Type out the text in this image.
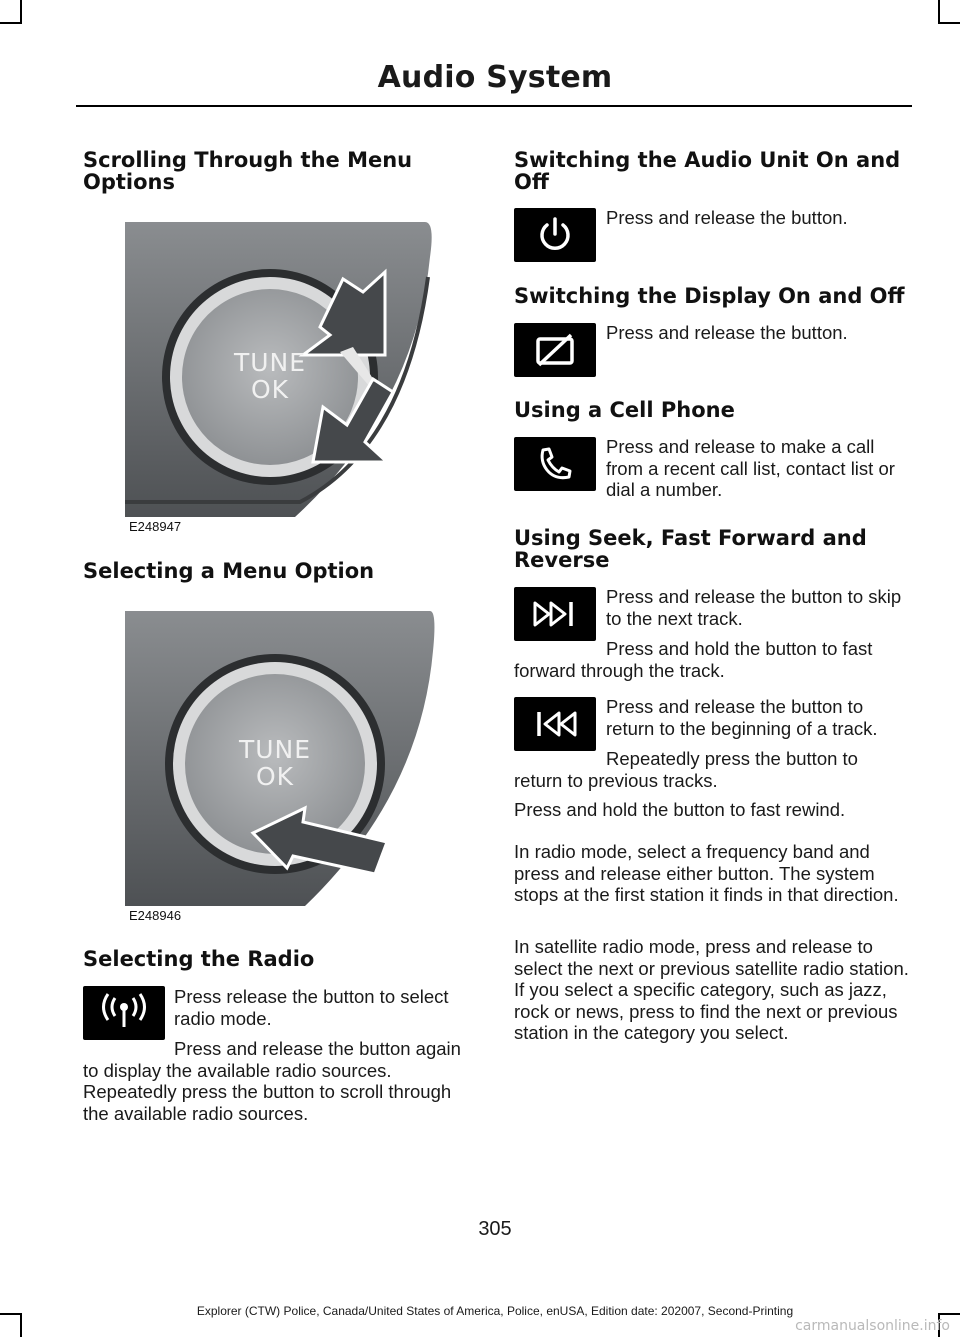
Audio System
Scrolling Through the Menu Options
TUNE
OK
E248947
Selecting a Menu Option
TUNE
OK
E248946
Selecting the Radio

Press release the button to select radio mode.

Press and release the button again to display the available radio sources. Repeatedly press the button to scroll through the available radio sources.

Switching the Audio Unit On and Off

Press and release the button.

Switching the Display On and Off

Press and release the button.

Using a Cell Phone

Press and release to make a call from a recent call list, contact list or dial a number.

Using Seek, Fast Forward and Reverse

Press and release the button to skip to the next track.

Press and hold the button to fast forward through the track.

Press and release the button to return to the beginning of a track.

Repeatedly press the button to return to previous tracks.

Press and hold the button to fast rewind.

In radio mode, select a frequency band and press and release either button. The system stops at the first station it finds in that direction.

In satellite radio mode, press and release to select the next or previous satellite radio station. If you select a specific category, such as jazz, rock or news, press to find the next or previous station in the category you select.

305
Explorer (CTW) Police, Canada/United States of America, Police, enUSA, Edition date: 202007, Second-Printing
carmanualsonline.info
